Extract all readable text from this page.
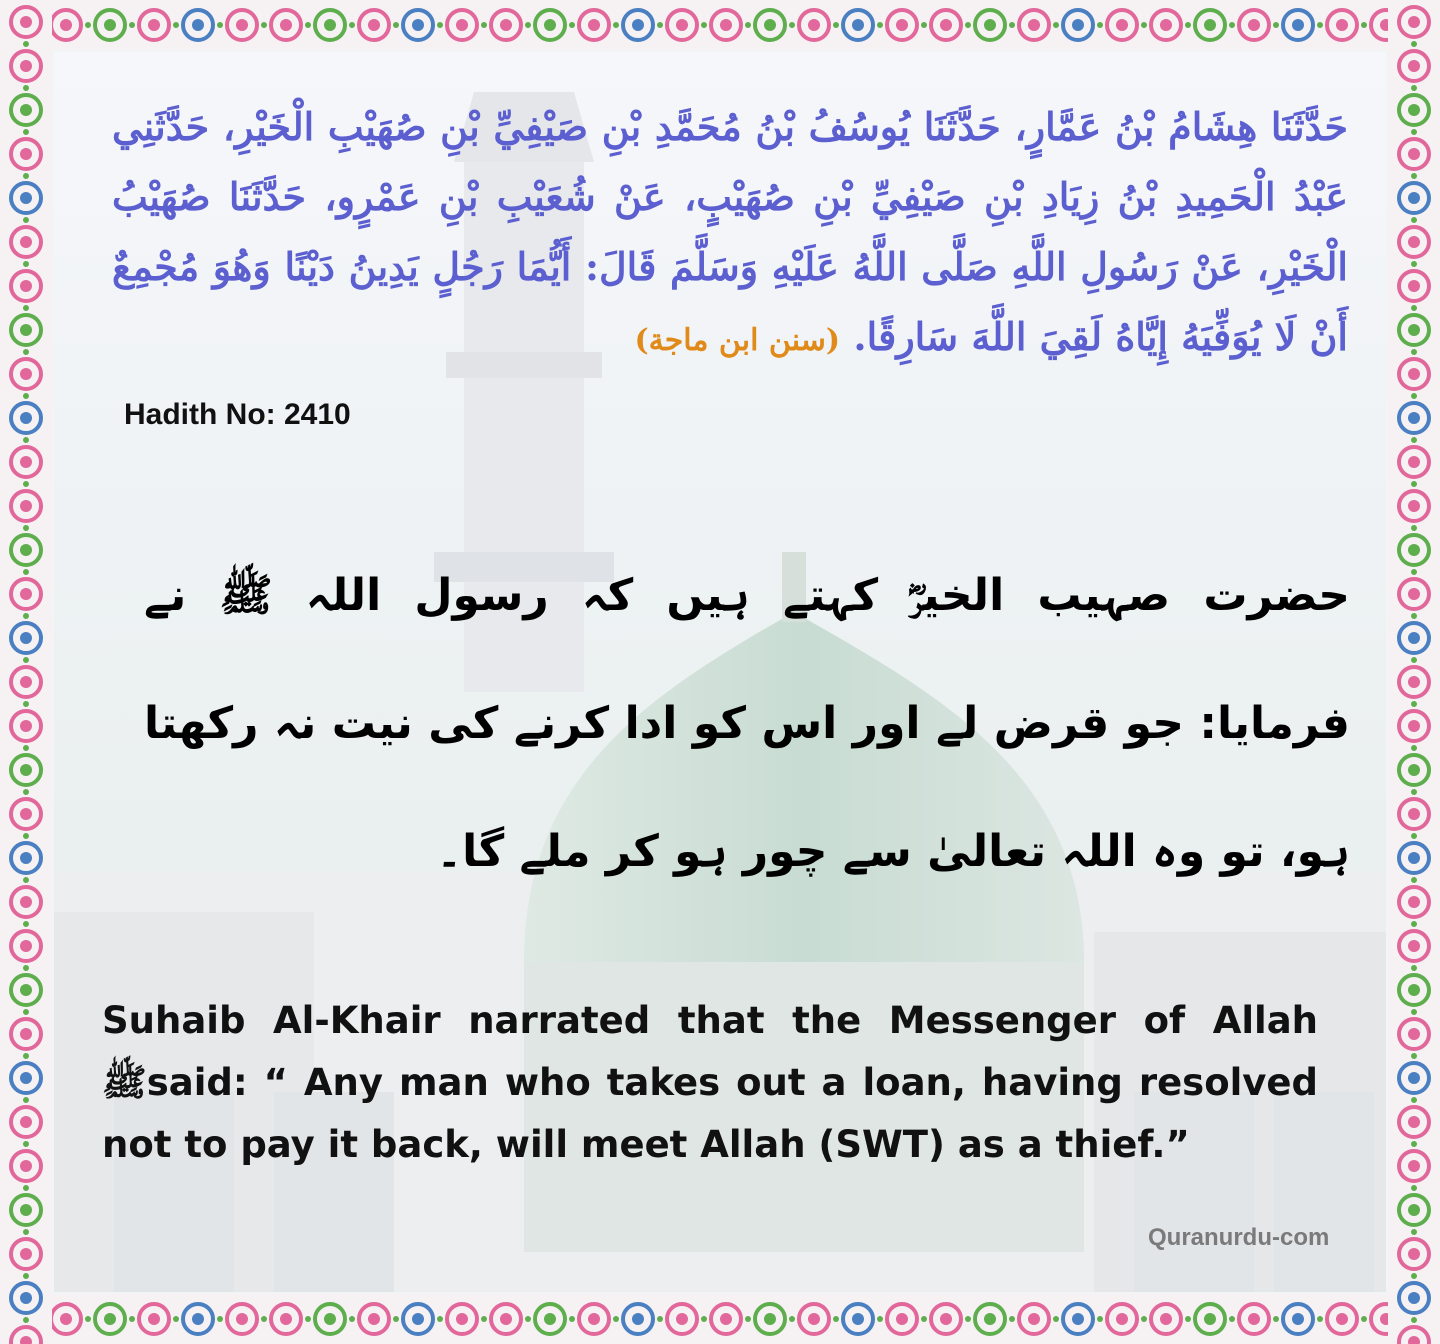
حَدَّثَنَا هِشَامُ بْنُ عَمَّارٍ، حَدَّثَنَا يُوسُفُ بْنُ مُحَمَّدِ بْنِ صَيْفِيِّ بْنِ صُهَيْبِ الْخَيْرِ، حَدَّثَنِي عَبْدُ الْحَمِيدِ بْنُ زِيَادِ بْنِ صَيْفِيِّ بْنِ صُهَيْبٍ، عَنْ شُعَيْبِ بْنِ عَمْرٍو، حَدَّثَنَا صُهَيْبُ الْخَيْرِ، عَنْ رَسُولِ اللَّهِ صَلَّى اللَّهُ عَلَيْهِ وَسَلَّمَ قَالَ: أَيُّمَا رَجُلٍ يَدِينُ دَيْنًا وَهُوَ مُجْمِعٌ أَنْ لَا يُوَفِّيَهُ إِيَّاهُ لَقِيَ اللَّهَ سَارِقًا. (سنن ابن ماجة)
Hadith No: 2410
حضرت صہیب الخیرؓ کہتے ہیں کہ رسول اللہ ﷺ نے فرمایا: جو قرض لے اور اس کو ادا کرنے کی نیت نہ رکھتا ہو، تو وہ اللہ تعالیٰ سے چور ہو کر ملے گا۔
Suhaib Al-Khair narrated that the Messenger of Allah ﷺsaid: “ Any man who takes out a loan, having resolved not to pay it back, will meet Allah (SWT) as a thief.”
Quranurdu-com
